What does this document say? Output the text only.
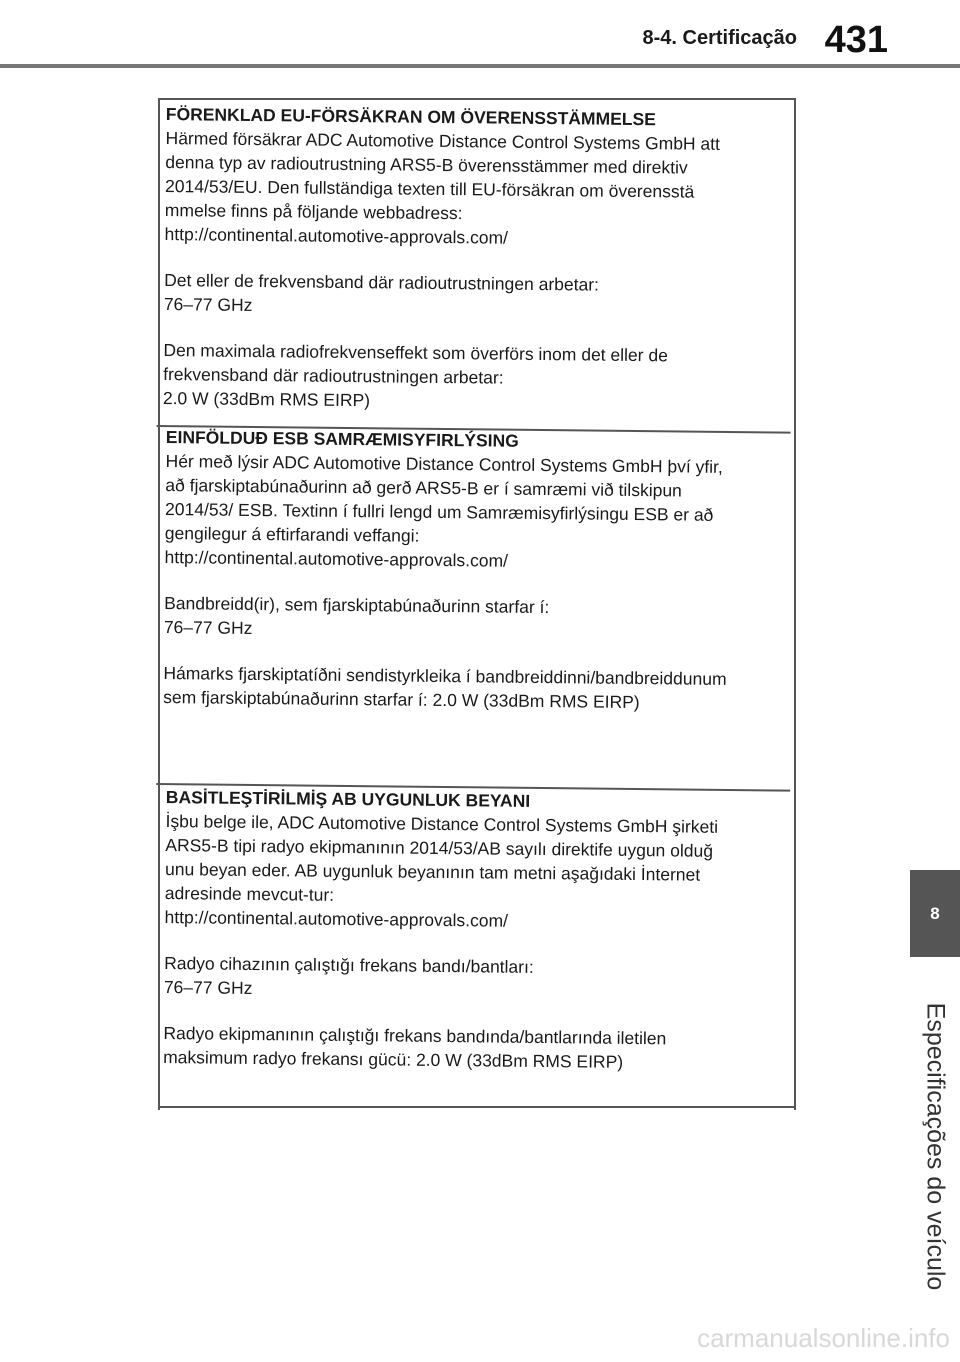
8-4. Certificação 431
8
Especificações do veículo
FÖRENKLAD EU-FÖRSÄKRAN OM ÖVERENSSTÄMMELSE

Härmed försäkrar ADC Automotive Distance Control Systems GmbH att

denna typ av radioutrustning ARS5-B överensstämmer med direktiv

2014/53/EU. Den fullständiga texten till EU-försäkran om överensstä

mmelse finns på följande webbadress:

http://continental.automotive-approvals.com/

Det eller de frekvensband där radioutrustningen arbetar:

76–77 GHz

Den maximala radiofrekvenseffekt som överförs inom det eller de

frekvensband där radioutrustningen arbetar:

2.0 W (33dBm RMS EIRP)

EINFÖLDUÐ ESB SAMRÆMISYFIRLÝSING

Hér með lýsir ADC Automotive Distance Control Systems GmbH því yfir,

að fjarskiptabúnaðurinn að gerð ARS5-B er í samræmi við tilskipun

2014/53/ ESB. Textinn í fullri lengd um Samræmisyfirlýsingu ESB er að

gengilegur á eftirfarandi veffangi:

http://continental.automotive-approvals.com/

Bandbreidd(ir), sem fjarskiptabúnaðurinn starfar í:

76–77 GHz

Hámarks fjarskiptatíðni sendistyrkleika í bandbreiddinni/bandbreiddunum

sem fjarskiptabúnaðurinn starfar í: 2.0 W (33dBm RMS EIRP)

BASİTLEŞTİRİLMİŞ AB UYGUNLUK BEYANI

İşbu belge ile, ADC Automotive Distance Control Systems GmbH şirketi

ARS5-B tipi radyo ekipmanının 2014/53/AB sayılı direktife uygun olduğ

unu beyan eder. AB uygunluk beyanının tam metni aşağıdaki İnternet

adresinde mevcut-tur:

http://continental.automotive-approvals.com/

Radyo cihazının çalıştığı frekans bandı/bantları:

76–77 GHz

Radyo ekipmanının çalıştığı frekans bandında/bantlarında iletilen

maksimum radyo frekansı gücü: 2.0 W (33dBm RMS EIRP)

carmanualsonline.info
